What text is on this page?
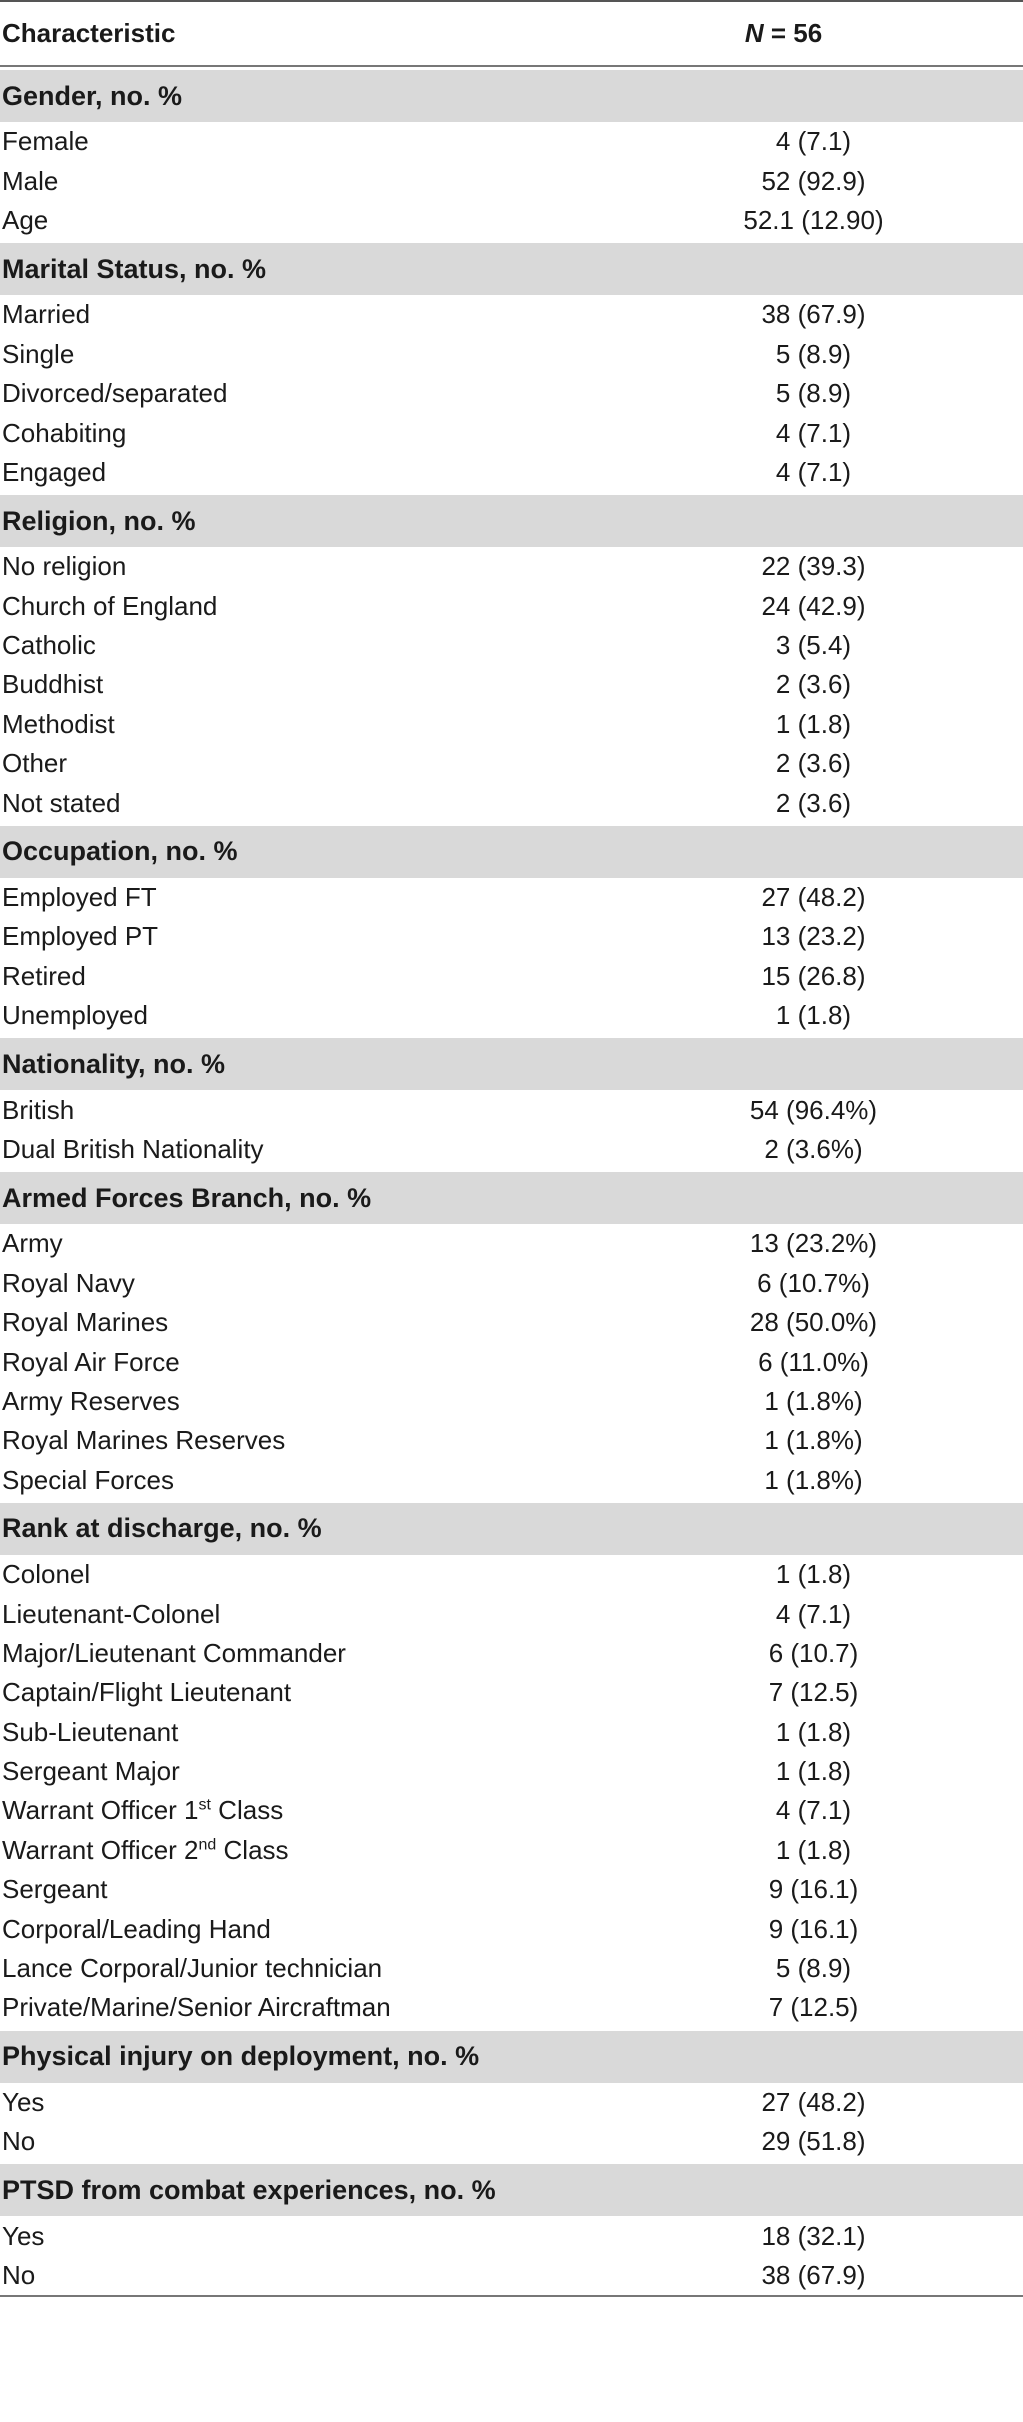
Characteristic	N = 56

Gender, no. %	
Female	4 (7.1)
Male	52 (92.9)
Age	52.1 (12.90)

Marital Status, no. %	
Married	38 (67.9)
Single	5 (8.9)
Divorced/separated	5 (8.9)
Cohabiting	4 (7.1)
Engaged	4 (7.1)

Religion, no. %	
No religion	22 (39.3)
Church of England	24 (42.9)
Catholic	3 (5.4)
Buddhist	2 (3.6)
Methodist	1 (1.8)
Other	2 (3.6)
Not stated	2 (3.6)

Occupation, no. %	
Employed FT	27 (48.2)
Employed PT	13 (23.2)
Retired	15 (26.8)
Unemployed	1 (1.8)

Nationality, no. %	
British	54 (96.4%)
Dual British Nationality	2 (3.6%)

Armed Forces Branch, no. %	
Army	13 (23.2%)
Royal Navy	6 (10.7%)
Royal Marines	28 (50.0%)
Royal Air Force	6 (11.0%)
Army Reserves	1 (1.8%)
Royal Marines Reserves	1 (1.8%)
Special Forces	1 (1.8%)

Rank at discharge, no. %	
Colonel	1 (1.8)
Lieutenant-Colonel	4 (7.1)
Major/Lieutenant Commander	6 (10.7)
Captain/Flight Lieutenant	7 (12.5)
Sub-Lieutenant	1 (1.8)
Sergeant Major	1 (1.8)
Warrant Officer 1st Class	4 (7.1)
Warrant Officer 2nd Class	1 (1.8)
Sergeant	9 (16.1)
Corporal/Leading Hand	9 (16.1)
Lance Corporal/Junior technician	5 (8.9)
Private/Marine/Senior Aircraftman	7 (12.5)

Physical injury on deployment, no. %	
Yes	27 (48.2)
No	29 (51.8)

PTSD from combat experiences, no. %	
Yes	18 (32.1)
No	38 (67.9)
